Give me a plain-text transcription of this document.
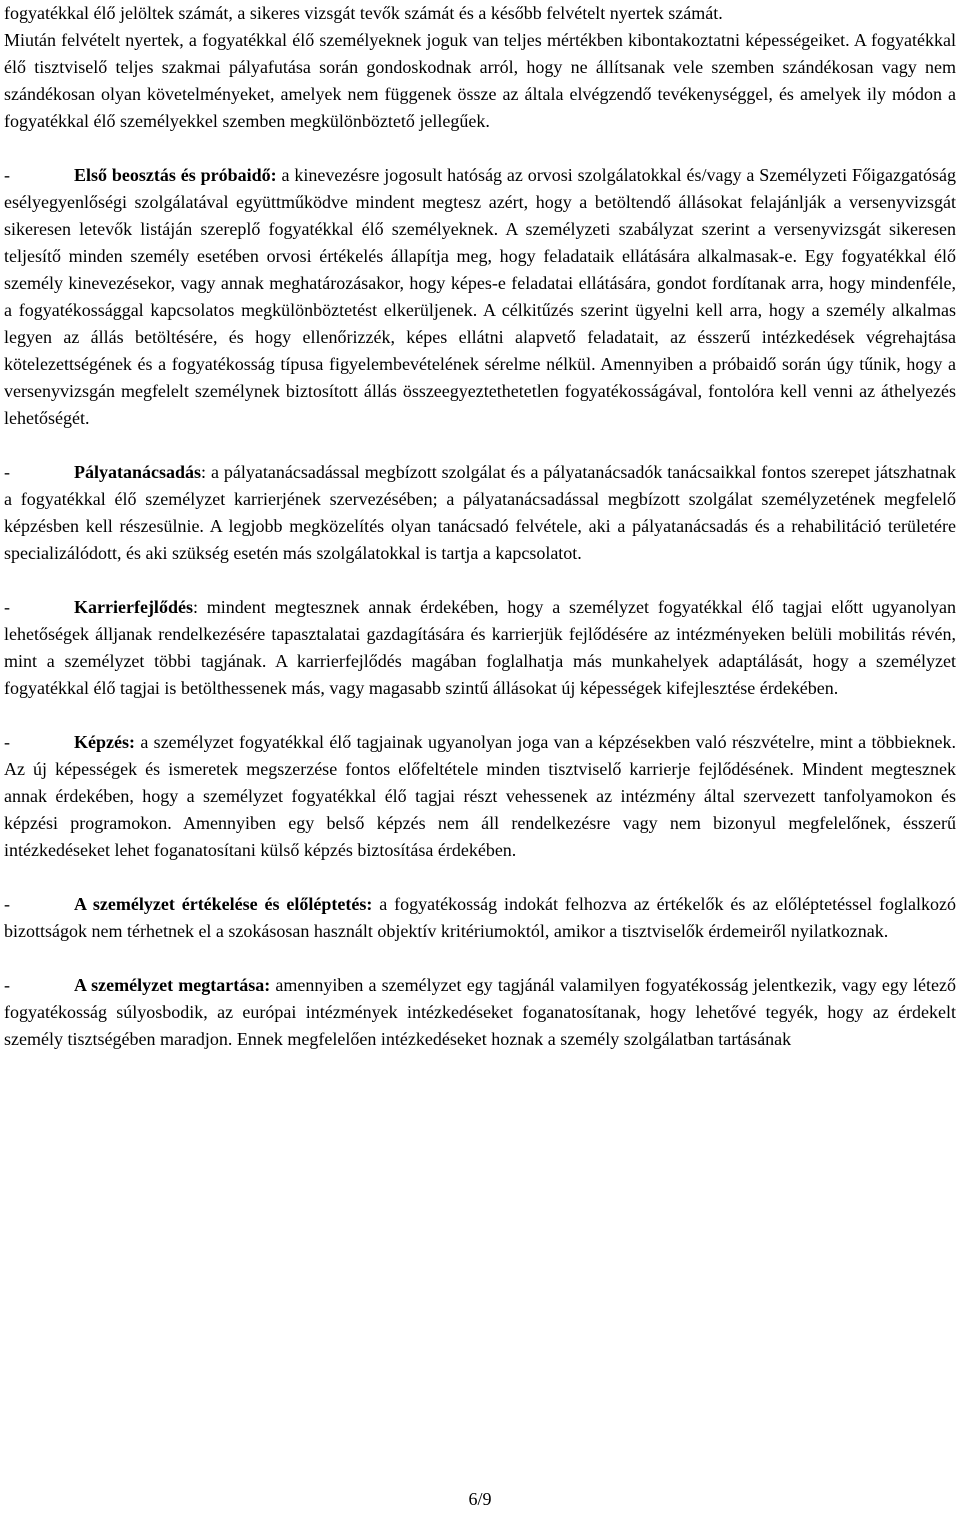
fogyatékkal élő jelöltek számát, a sikeres vizsgát tevők számát és a később felvételt nyertek számát.

Miután felvételt nyertek, a fogyatékkal élő személyeknek joguk van teljes mértékben kibontakoztatni képességeiket. A fogyatékkal élő tisztviselő teljes szakmai pályafutása során gondoskodnak arról, hogy ne állítsanak vele szemben szándékosan vagy nem szándékosan olyan követelményeket, amelyek nem függenek össze az általa elvégzendő tevékenységgel, és amelyek ily módon a fogyatékkal élő személyekkel szemben megkülönböztető jellegűek.

-	Első beosztás és próbaidő: a kinevezésre jogosult hatóság az orvosi szolgálatokkal és/vagy a Személyzeti Főigazgatóság esélyegyenlőségi szolgálatával együttműködve mindent megtesz azért, hogy a betöltendő állásokat felajánlják a versenyvizsgát sikeresen letevők listáján szereplő fogyatékkal élő személyeknek. A személyzeti szabályzat szerint a versenyvizsgát sikeresen teljesítő minden személy esetében orvosi értékelés állapítja meg, hogy feladataik ellátására alkalmasak-e. Egy fogyatékkal élő személy kinevezésekor, vagy annak meghatározásakor, hogy képes-e feladatai ellátására, gondot fordítanak arra, hogy mindenféle, a fogyatékossággal kapcsolatos megkülönböztetést elkerüljenek. A célkitűzés szerint ügyelni kell arra, hogy a személy alkalmas legyen az állás betöltésére, és hogy ellenőrizzék, képes ellátni alapvető feladatait, az ésszerű intézkedések végrehajtása kötelezettségének és a fogyatékosság típusa figyelembevételének sérelme nélkül. Amennyiben a próbaidő során úgy tűnik, hogy a versenyvizsgán megfelelt személynek biztosított állás összeegyeztethetetlen fogyatékosságával, fontolóra kell venni az áthelyezés lehetőségét.

-	Pályatanácsadás: a pályatanácsadással megbízott szolgálat és a pályatanácsadók tanácsaikkal fontos szerepet játszhatnak a fogyatékkal élő személyzet karrierjének szervezésében; a pályatanácsadással megbízott szolgálat személyzetének megfelelő képzésben kell részesülnie. A legjobb megközelítés olyan tanácsadó felvétele, aki a pályatanácsadás és a rehabilitáció területére specializálódott, és aki szükség esetén más szolgálatokkal is tartja a kapcsolatot.

-	Karrierfejlődés: mindent megtesznek annak érdekében, hogy a személyzet fogyatékkal élő tagjai előtt ugyanolyan lehetőségek álljanak rendelkezésére tapasztalatai gazdagítására és karrierjük fejlődésére az intézményeken belüli mobilitás révén, mint a személyzet többi tagjának. A karrierfejlődés magában foglalhatja más munkahelyek adaptálását, hogy a személyzet fogyatékkal élő tagjai is betölthessenek más, vagy magasabb szintű állásokat új képességek kifejlesztése érdekében.

-	Képzés: a személyzet fogyatékkal élő tagjainak ugyanolyan joga van a képzésekben való részvételre, mint a többieknek. Az új képességek és ismeretek megszerzése fontos előfeltétele minden tisztviselő karrierje fejlődésének. Mindent megtesznek annak érdekében, hogy a személyzet fogyatékkal élő tagjai részt vehessenek az intézmény által szervezett tanfolyamokon és képzési programokon. Amennyiben egy belső képzés nem áll rendelkezésre vagy nem bizonyul megfelelőnek, ésszerű intézkedéseket lehet foganatosítani külső képzés biztosítása érdekében.

-	A személyzet értékelése és előléptetés: a fogyatékosság indokát felhozva az értékelők és az előléptetéssel foglalkozó bizottságok nem térhetnek el a szokásosan használt objektív kritériumoktól, amikor a tisztviselők érdemeiről nyilatkoznak.

-	A személyzet megtartása: amennyiben a személyzet egy tagjánál valamilyen fogyatékosság jelentkezik, vagy egy létező fogyatékosság súlyosbodik, az európai intézmények intézkedéseket foganatosítanak, hogy lehetővé tegyék, hogy az érdekelt személy tisztségében maradjon. Ennek megfelelően intézkedéseket hoznak a személy szolgálatban tartásának

6/9
